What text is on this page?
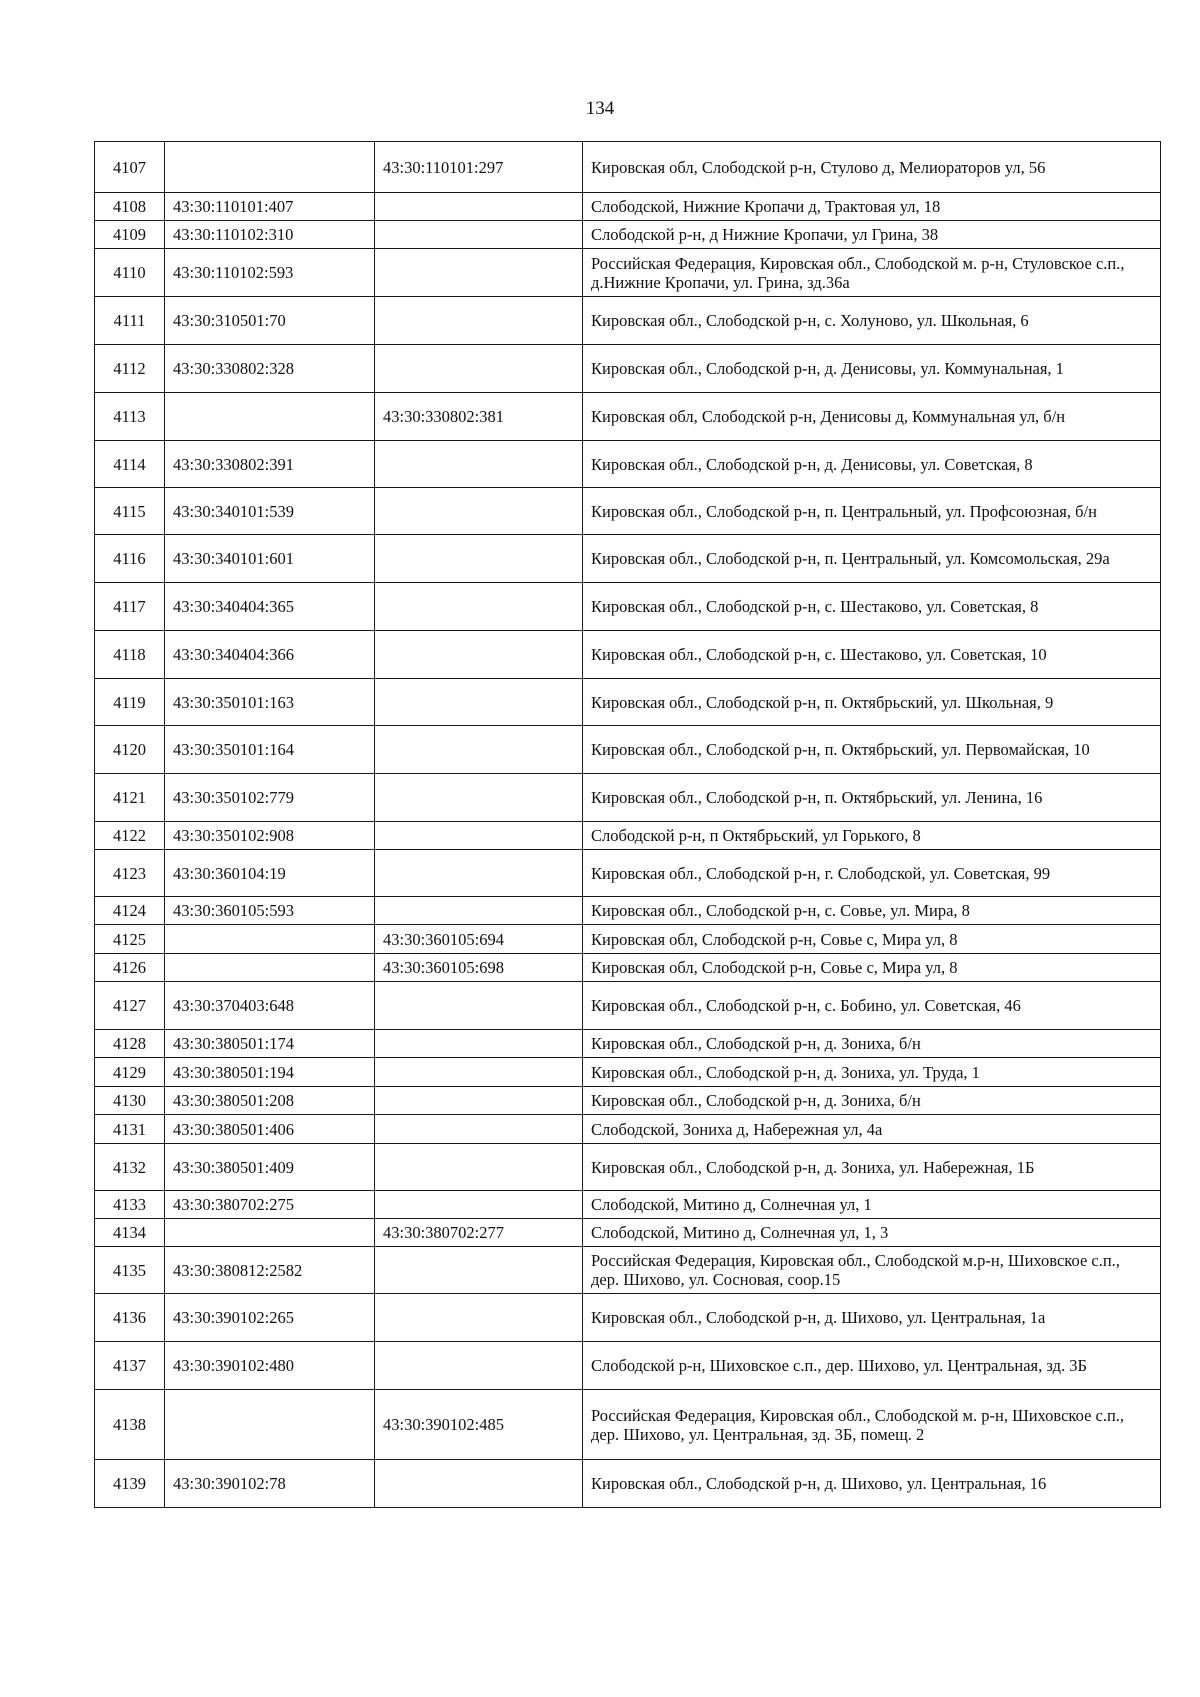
134
4107		43:30:110101:297	Кировская обл, Слободской р-н, Стулово д, Мелиораторов ул, 56
4108	43:30:110101:407		Слободской, Нижние Кропачи д, Трактовая ул, 18
4109	43:30:110102:310		Слободской р-н, д Нижние Кропачи, ул Грина, 38
4110	43:30:110102:593		Российская Федерация, Кировская обл., Слободской м. р-н, Стуловское с.п., д.Нижние Кропачи, ул. Грина, зд.36а
4111	43:30:310501:70		Кировская обл., Слободской р-н, с. Холуново, ул. Школьная, 6
4112	43:30:330802:328		Кировская обл., Слободской р-н, д. Денисовы, ул. Коммунальная, 1
4113		43:30:330802:381	Кировская обл, Слободской р-н, Денисовы д, Коммунальная ул, б/н
4114	43:30:330802:391		Кировская обл., Слободской р-н, д. Денисовы, ул. Советская, 8
4115	43:30:340101:539		Кировская обл., Слободской р-н, п. Центральный, ул. Профсоюзная, б/н
4116	43:30:340101:601		Кировская обл., Слободской р-н, п. Центральный, ул. Комсомольская, 29а
4117	43:30:340404:365		Кировская обл., Слободской р-н, с. Шестаково, ул. Советская, 8
4118	43:30:340404:366		Кировская обл., Слободской р-н, с. Шестаково, ул. Советская, 10
4119	43:30:350101:163		Кировская обл., Слободской р-н, п. Октябрьский, ул. Школьная, 9
4120	43:30:350101:164		Кировская обл., Слободской р-н, п. Октябрьский, ул. Первомайская, 10
4121	43:30:350102:779		Кировская обл., Слободской р-н, п. Октябрьский, ул. Ленина, 16
4122	43:30:350102:908		Слободской р-н, п Октябрьский, ул Горького, 8
4123	43:30:360104:19		Кировская обл., Слободской р-н, г. Слободской, ул. Советская, 99
4124	43:30:360105:593		Кировская обл., Слободской р-н, с. Совье, ул. Мира, 8
4125		43:30:360105:694	Кировская обл, Слободской р-н, Совье с, Мира ул, 8
4126		43:30:360105:698	Кировская обл, Слободской р-н, Совье с, Мира ул, 8
4127	43:30:370403:648		Кировская обл., Слободской р-н, с. Бобино, ул. Советская, 46
4128	43:30:380501:174		Кировская обл., Слободской р-н, д. Зониха, б/н
4129	43:30:380501:194		Кировская обл., Слободской р-н, д. Зониха, ул. Труда, 1
4130	43:30:380501:208		Кировская обл., Слободской р-н, д. Зониха, б/н
4131	43:30:380501:406		Слободской, Зониха д, Набережная ул, 4а
4132	43:30:380501:409		Кировская обл., Слободской р-н, д. Зониха, ул. Набережная, 1Б
4133	43:30:380702:275		Слободской, Митино д, Солнечная ул, 1
4134		43:30:380702:277	Слободской, Митино д, Солнечная ул, 1, 3
4135	43:30:380812:2582		Российская Федерация, Кировская обл., Слободской м.р-н, Шиховское с.п., дер. Шихово, ул. Сосновая, соор.15
4136	43:30:390102:265		Кировская обл., Слободской р-н, д. Шихово, ул. Центральная, 1а
4137	43:30:390102:480		Слободской р-н, Шиховское с.п., дер. Шихово, ул. Центральная, зд. 3Б
4138		43:30:390102:485	Российская Федерация, Кировская обл., Слободской м. р-н, Шиховское с.п., дер. Шихово, ул. Центральная, зд. 3Б, помещ. 2
4139	43:30:390102:78		Кировская обл., Слободской р-н, д. Шихово, ул. Центральная, 16
